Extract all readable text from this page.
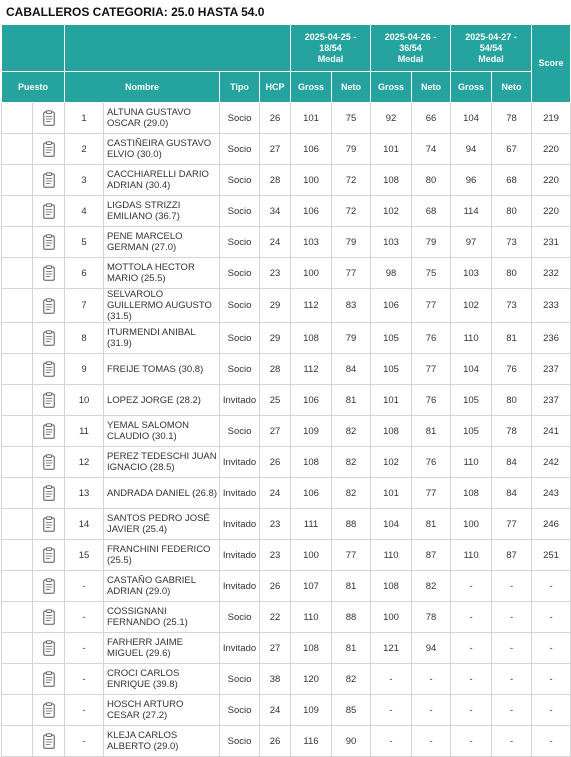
CABALLEROS CATEGORIA: 25.0 HASTA 54.0
						2025-04-25 -
18/54
Medal		2025-04-26 -
36/54
Medal		2025-04-27 -
54/54
Medal		Score
Puesto		Nombre		Tipo	HCP	Gross	Neto	Gross	Neto	Gross	Neto	
		1	ALTUNA GUSTAVO OSCAR (29.0)	Socio	26	101	75	92	66	104	78	219
		2	CASTIÑEIRA GUSTAVO ELVIO (30.0)	Socio	27	106	79	101	74	94	67	220
		3	CACCHIARELLI DARIO ADRIAN (30.4)	Socio	28	100	72	108	80	96	68	220
		4	LIGDAS STRIZZI EMILIANO (36.7)	Socio	34	106	72	102	68	114	80	220
		5	PENE MARCELO GERMAN (27.0)	Socio	24	103	79	103	79	97	73	231
		6	MOTTOLA HECTOR MARIO (25.5)	Socio	23	100	77	98	75	103	80	232
		7	SELVAROLO GUILLERMO AUGUSTO (31.5)	Socio	29	112	83	106	77	102	73	233
		8	ITURMENDI ANIBAL (31.9)	Socio	29	108	79	105	76	110	81	236
		9	FREIJE TOMAS (30.8)	Socio	28	112	84	105	77	104	76	237
		10	LOPEZ JORGE (28.2)	Invitado	25	106	81	101	76	105	80	237
		11	YEMAL SALOMON CLAUDIO (30.1)	Socio	27	109	82	108	81	105	78	241
		12	PEREZ TEDESCHI JUAN IGNACIO (28.5)	Invitado	26	108	82	102	76	110	84	242
		13	ANDRADA DANIEL (26.8)	Invitado	24	106	82	101	77	108	84	243
		14	SANTOS PEDRO JOSÉ JAVIER (25.4)	Invitado	23	111	88	104	81	100	77	246
		15	FRANCHINI FEDERICO (25.5)	Invitado	23	100	77	110	87	110	87	251
		-	CASTAÑO GABRIEL ADRIAN (29.0)	Invitado	26	107	81	108	82	-	-	-
		-	COSSIGNANI FERNANDO (25.1)	Socio	22	110	88	100	78	-	-	-
		-	FARHERR JAIME MIGUEL (29.6)	Invitado	27	108	81	121	94	-	-	-
		-	CROCI CARLOS ENRIQUE (39.8)	Socio	38	120	82	-	-	-	-	-
		-	HOSCH ARTURO CESAR (27.2)	Socio	24	109	85	-	-	-	-	-
		-	KLEJA CARLOS ALBERTO (29.0)	Socio	26	116	90	-	-	-	-	-
